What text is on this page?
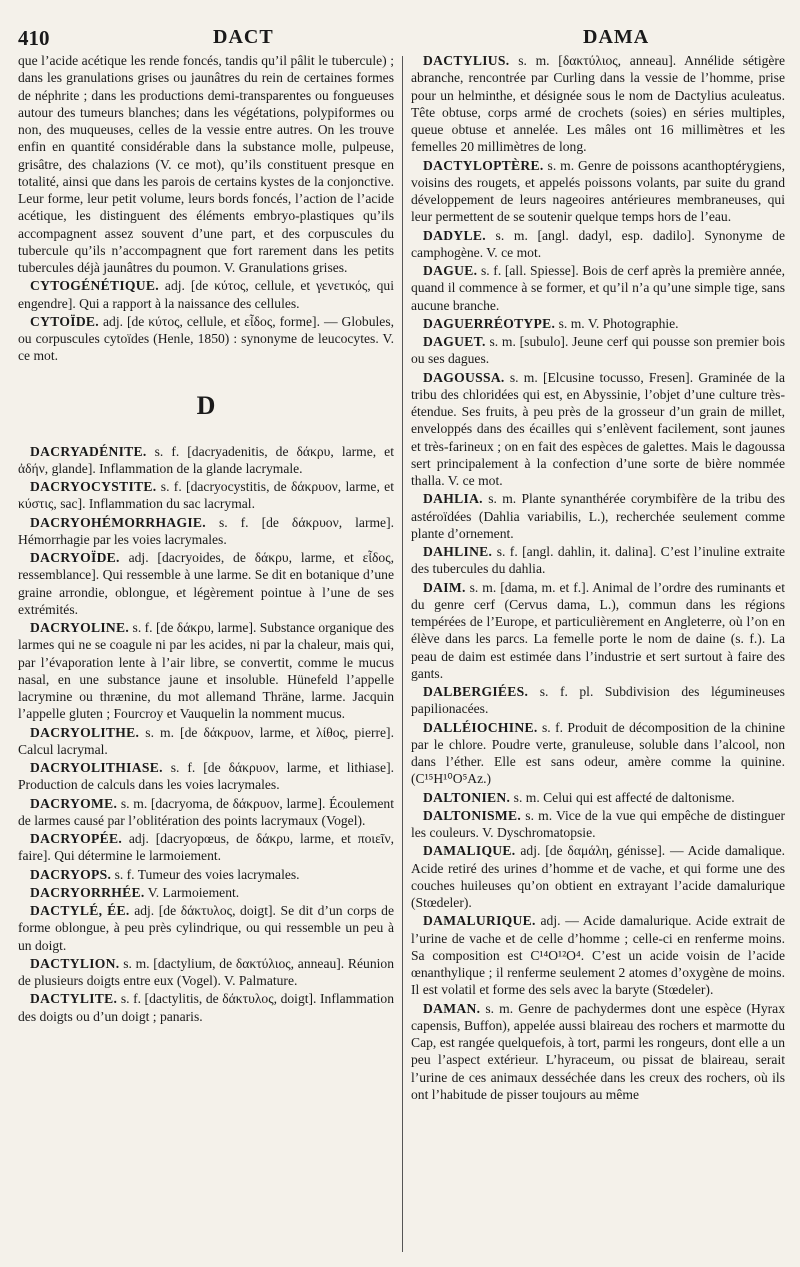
410	DACT	DAMA

que l’acide acétique les rende foncés, tandis qu’il pâlit le tubercule) ; dans les granulations grises ou jaunâtres du rein de certaines formes de néphrite ; dans les productions demi-transparentes ou fongueuses autour des tumeurs blanches; dans les végétations, polypiformes ou non, des muqueuses, celles de la vessie entre autres. On les trouve enfin en quantité considérable dans la substance molle, pulpeuse, grisâtre, des chalazions (V. ce mot), qu’ils constituent presque en totalité, ainsi que dans les parois de certains kystes de la conjonctive. Leur forme, leur petit volume, leurs bords foncés, l’action de l’acide acétique, les distinguent des éléments embryo-plastiques qu’ils accompagnent assez souvent d’une part, et des corpuscules du tubercule qu’ils n’accompagnent que fort rarement dans les petits tubercules déjà jaunâtres du poumon. V. Granulations grises.

CYTOGÉNÉTIQUE. adj. [de κύτος, cellule, et γενετικός, qui engendre]. Qui a rapport à la naissance des cellules.

CYTOÏDE. adj. [de κύτος, cellule, et εἶδος, forme]. — Globules, ou corpuscules cytoïdes (Henle, 1850) : synonyme de leucocytes. V. ce mot.

D

DACRYADÉNITE. s. f. [dacryadenitis, de δάκρυ, larme, et ἀδήν, glande]. Inflammation de la glande lacrymale.

DACRYOCYSTITE. s. f. [dacryocystitis, de δάκρυον, larme, et κύστις, sac]. Inflammation du sac lacrymal.

DACRYOHÉMORRHAGIE. s. f. [de δάκρυον, larme]. Hémorrhagie par les voies lacrymales.

DACRYOÏDE. adj. [dacryoides, de δάκρυ, larme, et εἶδος, ressemblance]. Qui ressemble à une larme. Se dit en botanique d’une graine arrondie, oblongue, et légèrement pointue à l’une de ses extrémités.

DACRYOLINE. s. f. [de δάκρυ, larme]. Substance organique des larmes qui ne se coagule ni par les acides, ni par la chaleur, mais qui, par l’évaporation lente à l’air libre, se convertit, comme le mucus nasal, en une substance jaune et insoluble. Hünefeld l’appelle lacrymine ou thrænine, du mot allemand Thräne, larme. Jacquin l’appelle gluten ; Fourcroy et Vauquelin la nomment mucus.

DACRYOLITHE. s. m. [de δάκρυον, larme, et λίθος, pierre]. Calcul lacrymal.

DACRYOLITHIASE. s. f. [de δάκρυον, larme, et lithiase]. Production de calculs dans les voies lacrymales.

DACRYOME. s. m. [dacryoma, de δάκρυον, larme]. Écoulement de larmes causé par l’oblitération des points lacrymaux (Vogel).

DACRYOPÉE. adj. [dacryopœus, de δάκρυ, larme, et ποιεῖν, faire]. Qui détermine le larmoiement.

DACRYOPS. s. f. Tumeur des voies lacrymales.

DACRYORRHÉE. V. Larmoiement.

DACTYLÉ, ÉE. adj. [de δάκτυλος, doigt]. Se dit d’un corps de forme oblongue, à peu près cylindrique, ou qui ressemble un peu à un doigt.

DACTYLION. s. m. [dactylium, de δακτύλιος, anneau]. Réunion de plusieurs doigts entre eux (Vogel). V. Palmature.

DACTYLITE. s. f. [dactylitis, de δάκτυλος, doigt]. Inflammation des doigts ou d’un doigt ; panaris.

DACTYLIUS. s. m. [δακτύλιος, anneau]. Annélide sétigère abranche, rencontrée par Curling dans la vessie de l’homme, prise pour un helminthe, et désignée sous le nom de Dactylius aculeatus. Tête obtuse, corps armé de crochets (soies) en séries multiples, queue obtuse et annelée. Les mâles ont 16 millimètres et les femelles 20 millimètres de long.

DACTYLOPTÈRE. s. m. Genre de poissons acanthoptérygiens, voisins des rougets, et appelés poissons volants, par suite du grand développement de leurs nageoires antérieures membraneuses, qui leur permettent de se soutenir quelque temps hors de l’eau.

DADYLE. s. m. [angl. dadyl, esp. dadilo]. Synonyme de camphogène. V. ce mot.

DAGUE. s. f. [all. Spiesse]. Bois de cerf après la première année, quand il commence à se former, et qu’il n’a qu’une simple tige, sans aucune branche.

DAGUERRÉOTYPE. s. m. V. Photographie.

DAGUET. s. m. [subulo]. Jeune cerf qui pousse son premier bois ou ses dagues.

DAGOUSSA. s. m. [Elcusine tocusso, Fresen]. Graminée de la tribu des chloridées qui est, en Abyssinie, l’objet d’une culture très-étendue. Ses fruits, à peu près de la grosseur d’un grain de millet, enveloppés dans des écailles qui s’enlèvent facilement, sont jaunes et très-farineux ; on en fait des espèces de galettes. Mais le dagoussa sert principalement à la confection d’une sorte de bière nommée thalla. V. ce mot.

DAHLIA. s. m. Plante synanthérée corymbifère de la tribu des astéroïdées (Dahlia variabilis, L.), recherchée seulement comme plante d’ornement.

DAHLINE. s. f. [angl. dahlin, it. dalina]. C’est l’inuline extraite des tubercules du dahlia.

DAIM. s. m. [dama, m. et f.]. Animal de l’ordre des ruminants et du genre cerf (Cervus dama, L.), commun dans les régions tempérées de l’Europe, et particulièrement en Angleterre, où l’on en élève dans les parcs. La femelle porte le nom de daine (s. f.). La peau de daim est estimée dans l’industrie et sert surtout à faire des gants.

DALBERGIÉES. s. f. pl. Subdivision des légumineuses papilionacées.

DALLÉIOCHINE. s. f. Produit de décomposition de la chinine par le chlore. Poudre verte, granuleuse, soluble dans l’alcool, non dans l’éther. Elle est sans odeur, amère comme la quinine. (C¹⁵H¹⁰O⁵Az.)

DALTONIEN. s. m. Celui qui est affecté de daltonisme.

DALTONISME. s. m. Vice de la vue qui empêche de distinguer les couleurs. V. Dyschromatopsie.

DAMALIQUE. adj. [de δαμάλη, génisse]. — Acide damalique. Acide retiré des urines d’homme et de vache, et qui forme une des couches huileuses qu’on obtient en extrayant l’acide damalurique (Stœdeler).

DAMALURIQUE. adj. — Acide damalurique. Acide extrait de l’urine de vache et de celle d’homme ; celle-ci en renferme moins. Sa composition est C¹⁴O¹²O⁴. C’est un acide voisin de l’acide œnanthylique ; il renferme seulement 2 atomes d’oxygène de moins. Il est volatil et forme des sels avec la baryte (Stœdeler).

DAMAN. s. m. Genre de pachydermes dont une espèce (Hyrax capensis, Buffon), appelée aussi blaireau des rochers et marmotte du Cap, est rangée quelquefois, à tort, parmi les rongeurs, dont elle a un peu l’aspect extérieur. L’hyraceum, ou pissat de blaireau, serait l’urine de ces animaux desséchée dans les creux des rochers, où ils ont l’habitude de pisser toujours au même
